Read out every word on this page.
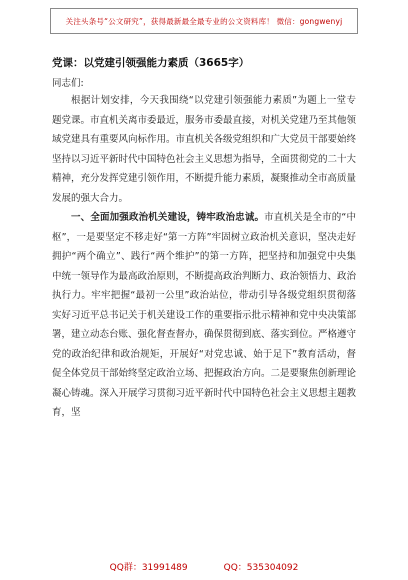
关注头条号“公文研究”，获得最新最全最专业的公文资料库！ 微信：gongwenyj
党课：以党建引领强能力素质（3665字）
同志们:

根据计划安排，今天我围绕“以党建引领强能力素质”为题上一堂专题党课。市直机关离市委最近，服务市委最直接，对机关党建乃至其他领域党建具有重要风向标作用。市直机关各级党组织和广大党员干部要始终坚持以习近平新时代中国特色社会主义思想为指导，全面贯彻党的二十大精神，充分发挥党建引领作用，不断提升能力素质，凝聚推动全市高质量发展的强大合力。

一、全面加强政治机关建设，铸牢政治忠诚。市直机关是全市的“中枢”，一是要坚定不移走好“第一方阵”牢固树立政治机关意识，坚决走好拥护“两个确立”、践行“两个维护”的第一方阵，把坚持和加强党中央集中统一领导作为最高政治原则，不断提高政治判断力、政治领悟力、政治执行力。牢牢把握“最初一公里”政治站位，带动引导各级党组织贯彻落实好习近平总书记关于机关建设工作的重要指示批示精神和党中央决策部署，建立动态台账、强化督查督办，确保贯彻到底、落实到位。严格遵守党的政治纪律和政治规矩，开展好“对党忠诚、始于足下”教育活动，督促全体党员干部始终坚定政治立场、把握政治方向。二是要聚焦创新理论凝心铸魂。深入开展学习贯彻习近平新时代中国特色社会主义思想主题教育，坚

QQ群：31991489	QQ：535304092
